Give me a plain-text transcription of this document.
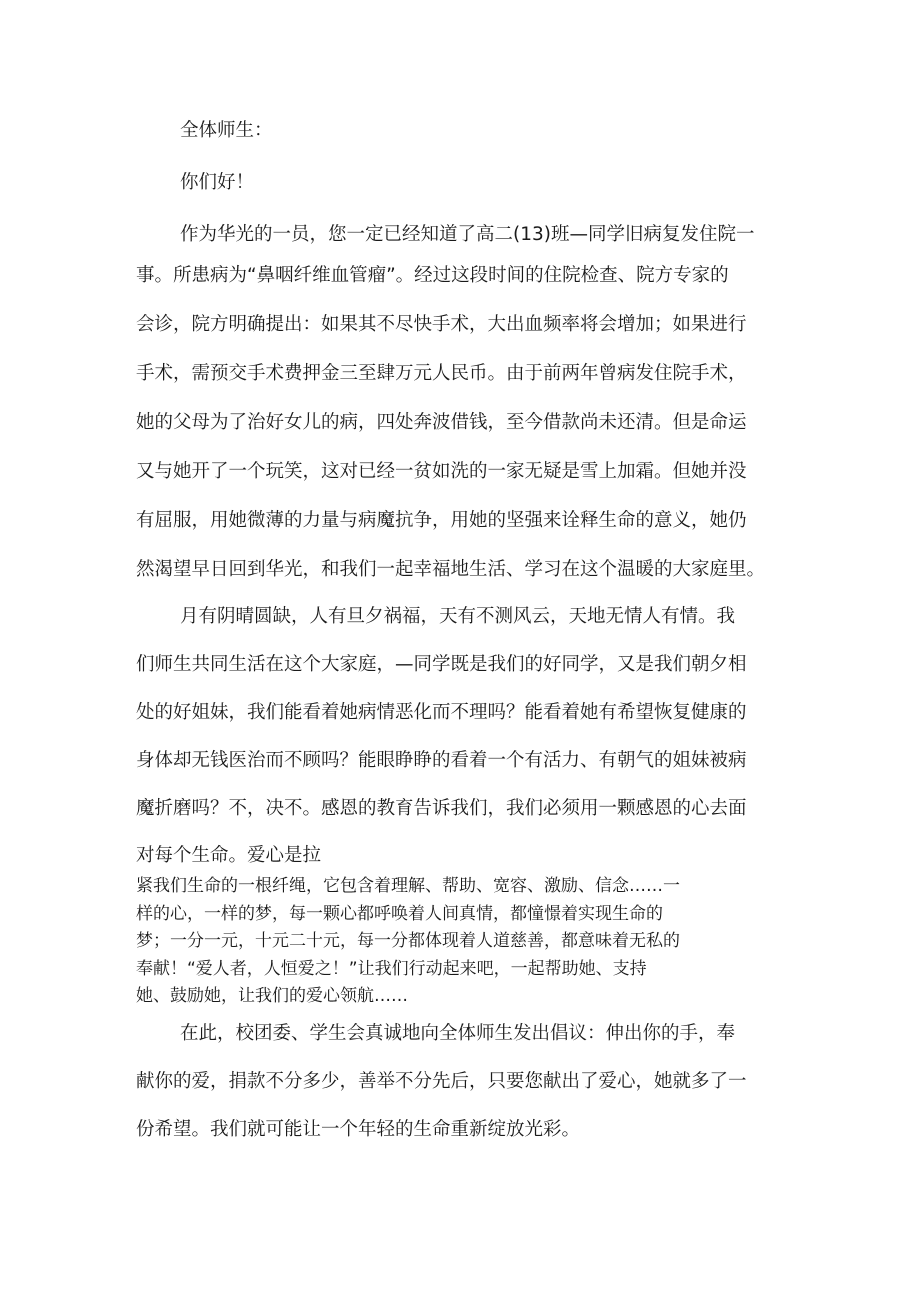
全体师生：

你们好！

作为华光的一员，您一定已经知道了高二(13)班—同学旧病复发住院一

事。所患病为“鼻咽纤维血管瘤”。经过这段时间的住院检查、院方专家的

会诊，院方明确提出：如果其不尽快手术，大出血频率将会增加；如果进行

手术，需预交手术费押金三至肆万元人民币。由于前两年曾病发住院手术，

她的父母为了治好女儿的病，四处奔波借钱，至今借款尚未还清。但是命运

又与她开了一个玩笑，这对已经一贫如洗的一家无疑是雪上加霜。但她并没

有屈服，用她微薄的力量与病魔抗争，用她的坚强来诠释生命的意义，她仍

然渴望早日回到华光，和我们一起幸福地生活、学习在这个温暖的大家庭里。

月有阴晴圆缺，人有旦夕祸福，天有不测风云，天地无情人有情。我

们师生共同生活在这个大家庭，—同学既是我们的好同学，又是我们朝夕相

处的好姐妹，我们能看着她病情恶化而不理吗？能看着她有希望恢复健康的

身体却无钱医治而不顾吗？能眼睁睁的看着一个有活力、有朝气的姐妹被病

魔折磨吗？不，决不。感恩的教育告诉我们，我们必须用一颗感恩的心去面

对每个生命。爱心是拉

紧我们生命的一根纤绳，它包含着理解、帮助、宽容、激励、信念……一

样的心，一样的梦，每一颗心都呼唤着人间真情，都憧憬着实现生命的

梦；一分一元，十元二十元，每一分都体现着人道慈善，都意味着无私的

奉献！“爱人者，人恒爱之！”让我们行动起来吧，一起帮助她、支持

她、鼓励她，让我们的爱心领航……

在此，校团委、学生会真诚地向全体师生发出倡议：伸出你的手，奉

献你的爱，捐款不分多少，善举不分先后，只要您献出了爱心，她就多了一

份希望。我们就可能让一个年轻的生命重新绽放光彩。
